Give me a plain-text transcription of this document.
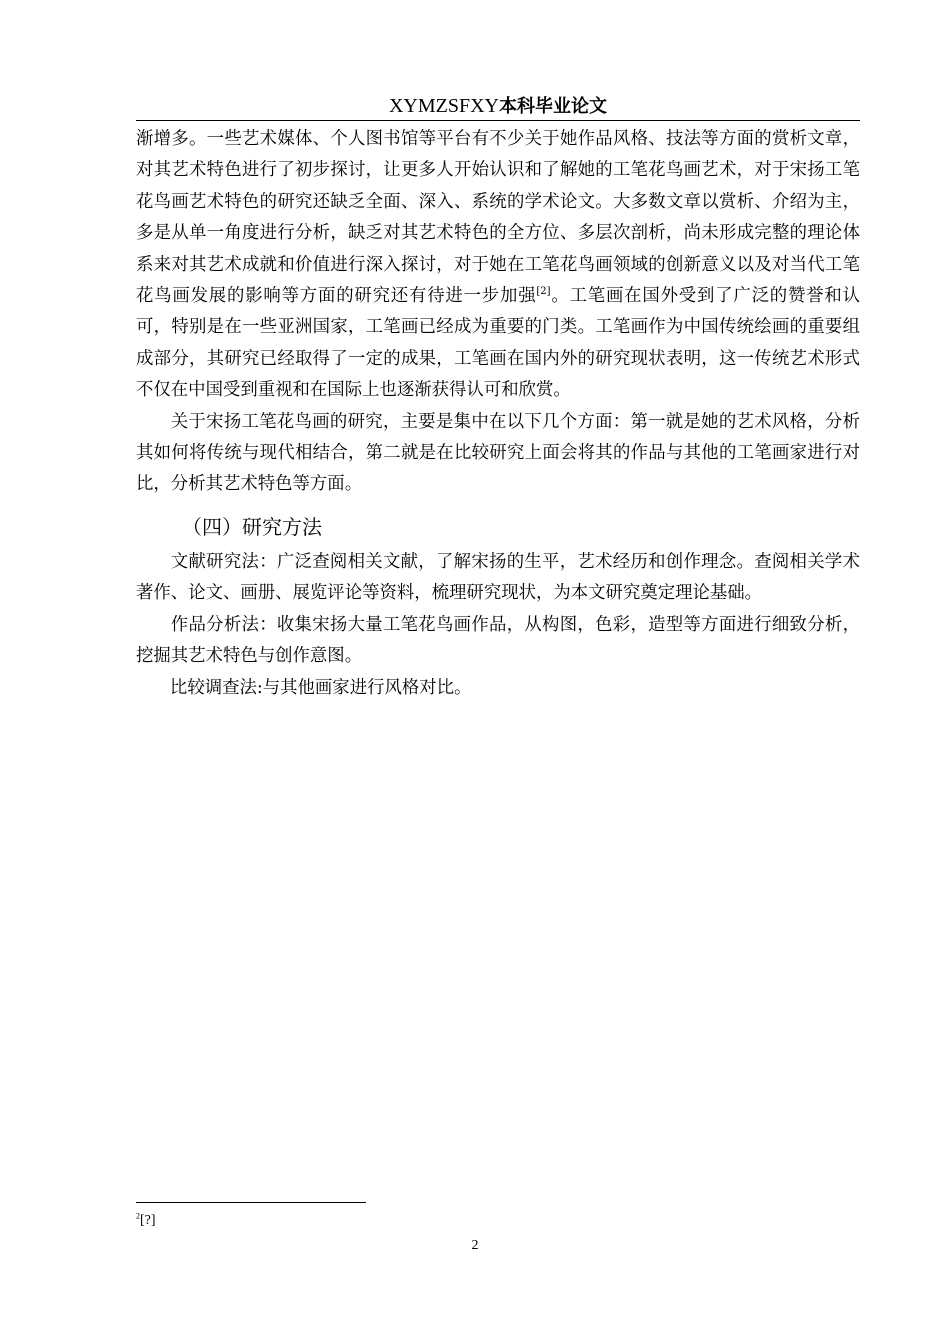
XYMZSFXY本科毕业论文

渐增多。一些艺术媒体、个人图书馆等平台有不少关于她作品风格、技法等方面的赏析文章，对其艺术特色进行了初步探讨，让更多人开始认识和了解她的工笔花鸟画艺术，对于宋扬工笔花鸟画艺术特色的研究还缺乏全面、深入、系统的学术论文。大多数文章以赏析、介绍为主，多是从单一角度进行分析，缺乏对其艺术特色的全方位、多层次剖析，尚未形成完整的理论体系来对其艺术成就和价值进行深入探讨，对于她在工笔花鸟画领域的创新意义以及对当代工笔花鸟画发展的影响等方面的研究还有待进一步加强[2]。工笔画在国外受到了广泛的赞誉和认可，特别是在一些亚洲国家，工笔画已经成为重要的门类。工笔画作为中国传统绘画的重要组成部分，其研究已经取得了一定的成果，工笔画在国内外的研究现状表明，这一传统艺术形式不仅在中国受到重视和在国际上也逐渐获得认可和欣赏。

关于宋扬工笔花鸟画的研究，主要是集中在以下几个方面：第一就是她的艺术风格，分析其如何将传统与现代相结合，第二就是在比较研究上面会将其的作品与其他的工笔画家进行对比，分析其艺术特色等方面。

（四）研究方法

文献研究法：广泛查阅相关文献，了解宋扬的生平，艺术经历和创作理念。查阅相关学术著作、论文、画册、展览评论等资料，梳理研究现状，为本文研究奠定理论基础。

作品分析法：收集宋扬大量工笔花鸟画作品，从构图，色彩，造型等方面进行细致分析，挖掘其艺术特色与创作意图。

比较调查法:与其他画家进行风格对比。

$^2$[?]
2
